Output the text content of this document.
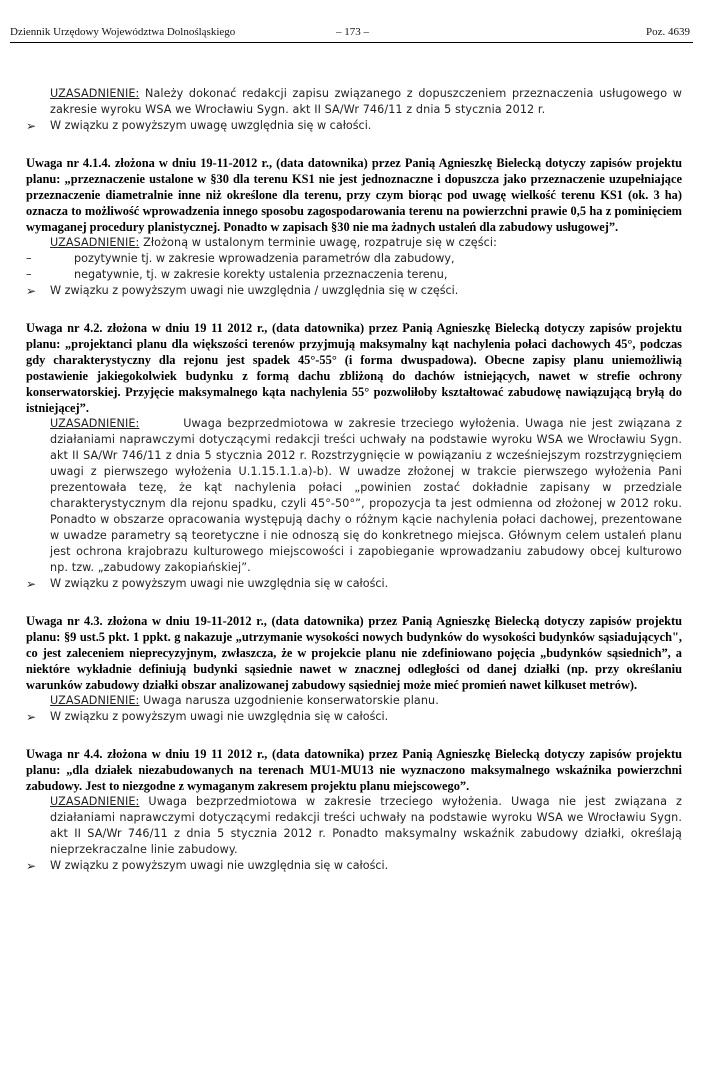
Dziennik Urzędowy Województwa Dolnośląskiego	– 173 –	Poz. 4639
UZASADNIENIE: Należy dokonać redakcji zapisu związanego z dopuszczeniem przeznaczenia usługowego w zakresie wyroku WSA we Wrocławiu Sygn. akt II SA/Wr 746/11 z dnia 5 stycznia 2012 r.
➢ W związku z powyższym uwagę uwzględnia się w całości.
Uwaga nr 4.1.4. złożona w dniu 19-11-2012 r., (data datownika) przez Panią Agnieszkę Bielecką dotyczy zapisów projektu planu: „przeznaczenie ustalone w §30 dla terenu KS1 nie jest jednoznaczne i dopuszcza jako przeznaczenie uzupełniające przeznaczenie diametralnie inne niż określone dla terenu, przy czym biorąc pod uwagę wielkość terenu KS1 (ok. 3 ha) oznacza to możliwość wprowadzenia innego sposobu zagospodarowania terenu na powierzchni prawie 0,5 ha z pominięciem wymaganej procedury planistycznej. Ponadto w zapisach §30 nie ma żadnych ustaleń dla zabudowy usługowej”.
UZASADNIENIE: Złożoną w ustalonym terminie uwagę, rozpatruje się w części:
–	pozytywnie tj. w zakresie wprowadzenia parametrów dla zabudowy,
–	negatywnie, tj. w zakresie korekty ustalenia przeznaczenia terenu,
➢ W związku z powyższym uwagi nie uwzględnia / uwzględnia się w części.
Uwaga nr 4.2. złożona w dniu 19 11 2012 r., (data datownika) przez Panią Agnieszkę Bielecką dotyczy zapisów projektu planu: „projektanci planu dla większości terenów przyjmują maksymalny kąt nachylenia połaci dachowych 45°, podczas gdy charakterystyczny dla rejonu jest spadek 45°-55° (i forma dwuspadowa). Obecne zapisy planu uniemożliwią postawienie jakiegokolwiek budynku z formą dachu zbliżoną do dachów istniejących, nawet w strefie ochrony konserwatorskiej. Przyjęcie maksymalnego kąta nachylenia 55° pozwoliłoby kształtować zabudowę nawiązującą bryłą do istniejącej”.
UZASADNIENIE:        Uwaga bezprzedmiotowa w zakresie trzeciego wyłożenia. Uwaga nie jest związana z działaniami naprawczymi dotyczącymi redakcji treści uchwały na podstawie wyroku WSA we Wrocławiu Sygn. akt II SA/Wr 746/11 z dnia 5 stycznia 2012 r. Rozstrzygnięcie w powiązaniu z wcześniejszym rozstrzygnięciem uwagi z pierwszego wyłożenia U.1.15.1.1.a)-b). W uwadze złożonej w trakcie pierwszego wyłożenia Pani prezentowała tezę, że kąt nachylenia połaci „powinien zostać dokładnie zapisany w przedziale charakterystycznym dla rejonu spadku, czyli 45°-50°”, propozycja ta jest odmienna od złożonej w 2012 roku. Ponadto w obszarze opracowania występują dachy o różnym kącie nachylenia połaci dachowej, prezentowane w uwadze parametry są teoretyczne i nie odnoszą się do konkretnego miejsca. Głównym celem ustaleń planu jest ochrona krajobrazu kulturowego miejscowości i zapobieganie wprowadzaniu zabudowy obcej kulturowo np. tzw. „zabudowy zakopiańskiej”.
➢ W związku z powyższym uwagi nie uwzględnia się w całości.
Uwaga nr 4.3. złożona w dniu 19-11-2012 r., (data datownika) przez Panią Agnieszkę Bielecką dotyczy zapisów projektu planu: §9 ust.5 pkt. 1 ppkt. g nakazuje „utrzymanie wysokości nowych budynków do wysokości budynków sąsiadujących", co jest zaleceniem nieprecyzyjnym, zwłaszcza, że w projekcie planu nie zdefiniowano pojęcia „budynków sąsiednich”, a niektóre wykładnie definiują budynki sąsiednie nawet w znacznej odległości od danej działki (np. przy określaniu warunków zabudowy działki obszar analizowanej zabudowy sąsiedniej może mieć promień nawet kilkuset metrów).
UZASADNIENIE: Uwaga narusza uzgodnienie konserwatorskie planu.
➢ W związku z powyższym uwagi nie uwzględnia się w całości.
Uwaga nr 4.4. złożona w dniu 19 11 2012 r., (data datownika) przez Panią Agnieszkę Bielecką dotyczy zapisów projektu planu: „dla działek niezabudowanych na terenach MU1-MU13 nie wyznaczono maksymalnego wskaźnika powierzchni zabudowy. Jest to niezgodne z wymaganym zakresem projektu planu miejscowego”.
UZASADNIENIE: Uwaga bezprzedmiotowa w zakresie trzeciego wyłożenia. Uwaga nie jest związana z działaniami naprawczymi dotyczącymi redakcji treści uchwały na podstawie wyroku WSA we Wrocławiu Sygn. akt II SA/Wr 746/11 z dnia 5 stycznia 2012 r. Ponadto maksymalny wskaźnik zabudowy działki, określają nieprzekraczalne linie zabudowy.
➢ W związku z powyższym uwagi nie uwzględnia się w całości.
